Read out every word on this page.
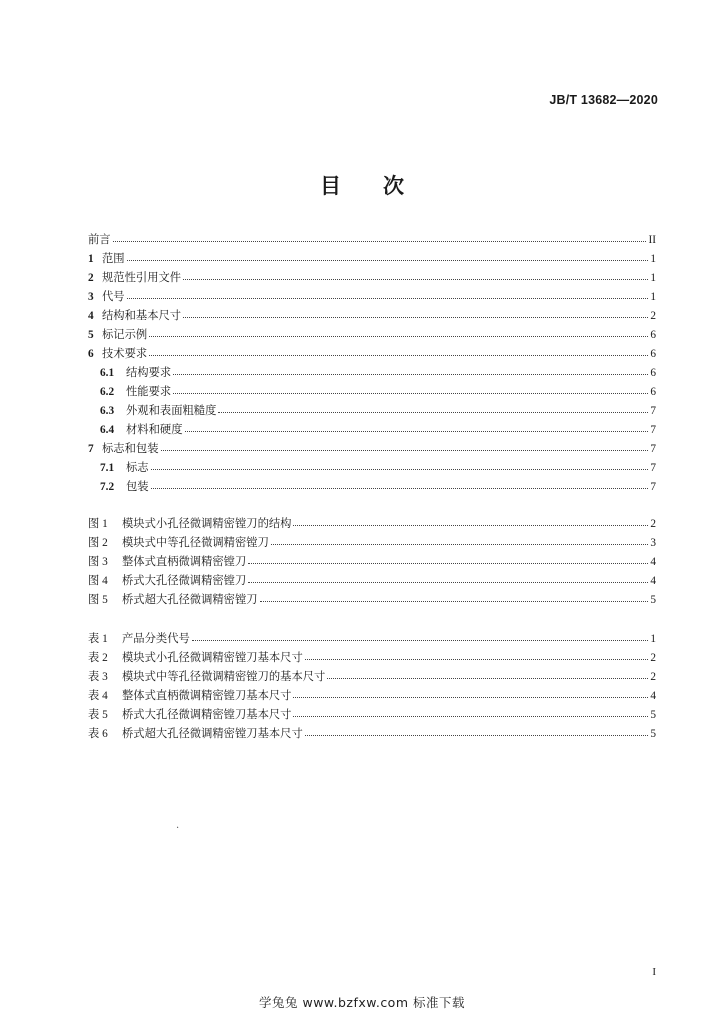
JB/T 13682—2020
目 次
前言	II
1 范围	1
2 规范性引用文件	1
3 代号	1
4 结构和基本尺寸	2
5 标记示例	6
6 技术要求	6
6.1	结构要求	6
6.2	性能要求	6
6.3	外观和表面粗糙度	7
6.4	材料和硬度	7
7 标志和包装	7
7.1	标志	7
7.2	包装	7
图 1	模块式小孔径微调精密镗刀的结构	2
图 2	模块式中等孔径微调精密镗刀	3
图 3	整体式直柄微调精密镗刀	4
图 4	桥式大孔径微调精密镗刀	4
图 5	桥式超大孔径微调精密镗刀	5
表 1	产品分类代号	1
表 2	模块式小孔径微调精密镗刀基本尺寸	2
表 3	模块式中等孔径微调精密镗刀的基本尺寸	2
表 4	整体式直柄微调精密镗刀基本尺寸	4
表 5	桥式大孔径微调精密镗刀基本尺寸	5
表 6	桥式超大孔径微调精密镗刀基本尺寸	5
.
I
学兔兔 www.bzfxw.com 标准下载
